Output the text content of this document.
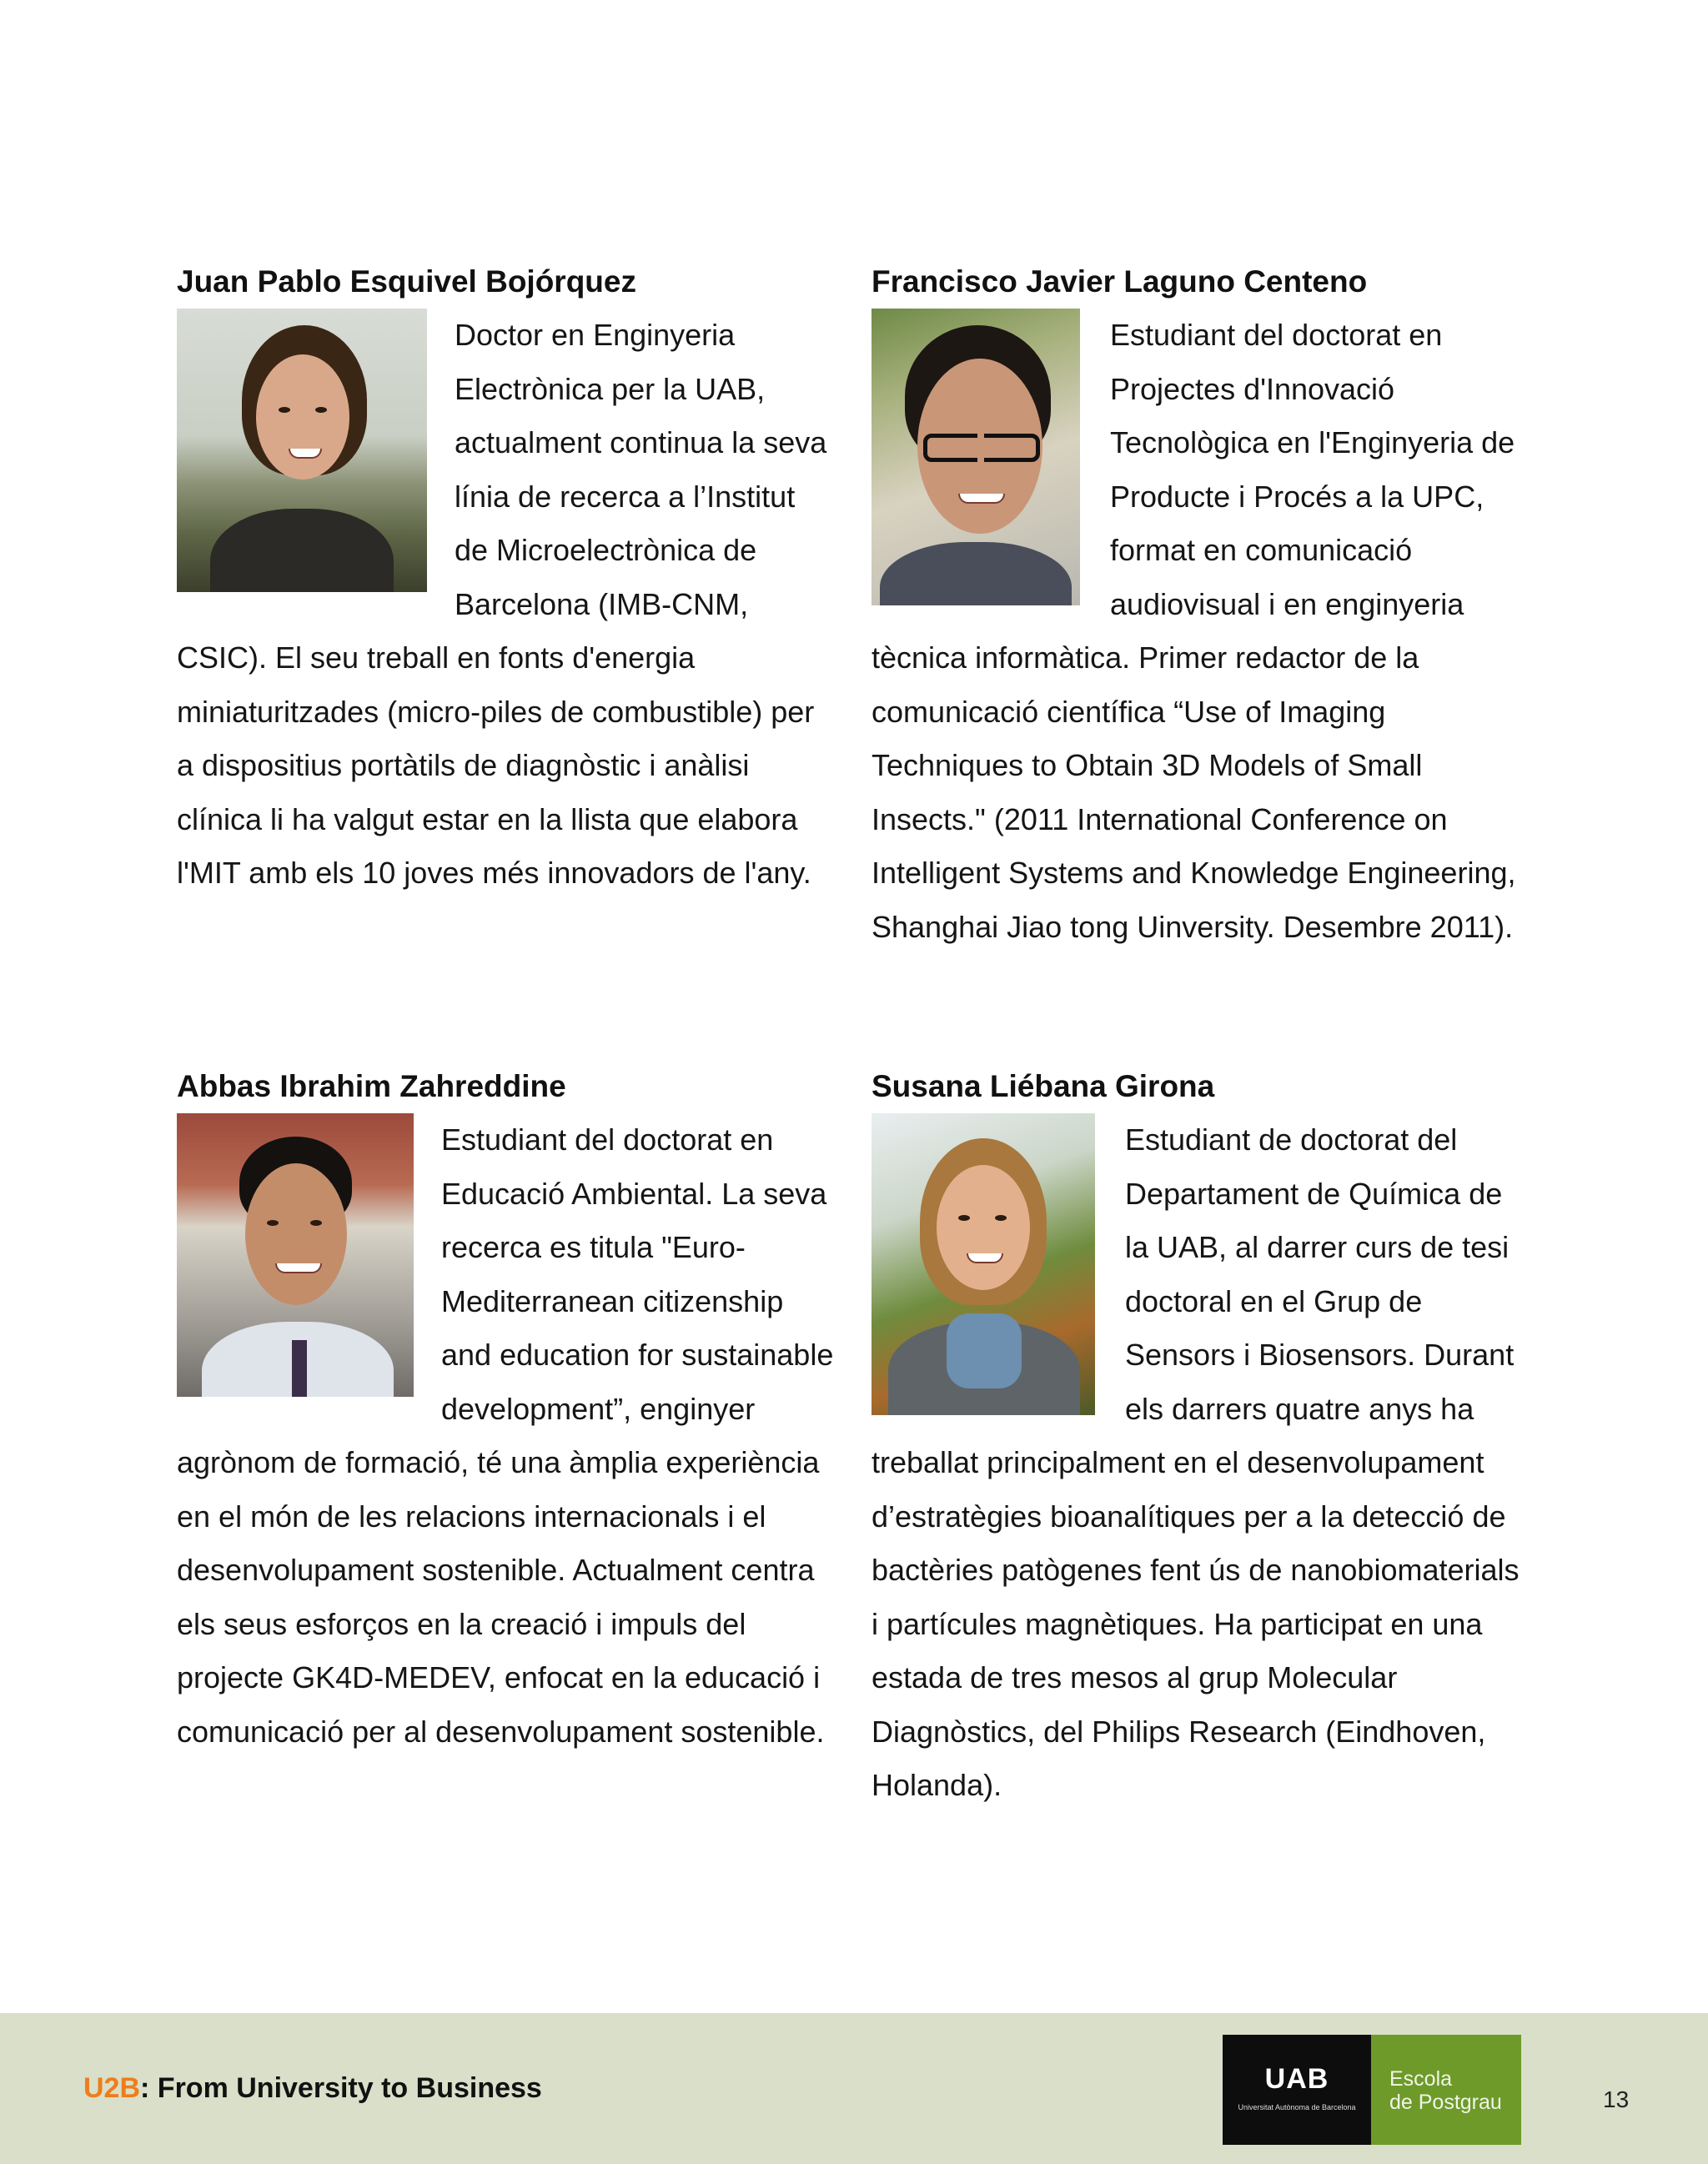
Juan Pablo Esquivel Bojórquez

Doctor en Enginyeria Electrònica per la UAB, actualment continua la seva línia de recerca a l’Institut de Microelectrònica de Barcelona (IMB-CNM, CSIC). El seu treball en fonts d'energia miniaturitzades (micro-piles de combustible) per a dispositius portàtils de diagnòstic i anàlisi clínica li ha valgut estar en la llista que elabora l'MIT amb els 10 joves més innovadors de l'any.

Francisco Javier Laguno Centeno

Estudiant del doctorat en Projectes d'Innovació Tecnològica en l'Enginyeria de Producte i Procés a la UPC, format en comunicació audiovisual i en enginyeria tècnica informàtica. Primer redactor de la comunicació científica “Use of Imaging Techniques to Obtain 3D Models of Small Insects." (2011 International Conference on Intelligent Systems and Knowledge Engineering, Shanghai Jiao tong Uinversity. Desembre 2011).

Abbas Ibrahim Zahreddine

Estudiant del doctorat en Educació Ambiental. La seva recerca es titula "Euro-Mediterranean citizenship and education for sustainable development”, enginyer agrònom de formació, té una àmplia experiència en el món de les relacions internacionals i el desenvolupament sostenible. Actualment centra els seus esforços en la creació i impuls del projecte GK4D-MEDEV, enfocat en la educació i comunicació per al desenvolupament sostenible.

Susana Liébana Girona

Estudiant de doctorat del Departament de Química de la UAB, al darrer curs de tesi doctoral en el Grup de Sensors i Biosensors. Durant els darrers quatre anys ha treballat principalment en el desenvolupament d’estratègies bioanalítiques per a la detecció de bactèries patògenes fent ús de nanobiomaterials i partícules magnètiques. Ha participat en una estada de tres mesos al grup Molecular Diagnòstics, del Philips Research (Eindhoven, Holanda).

U2B: From University to Business	UAB
Universitat Autònoma de Barcelona
Escola
de Postgrau	13
